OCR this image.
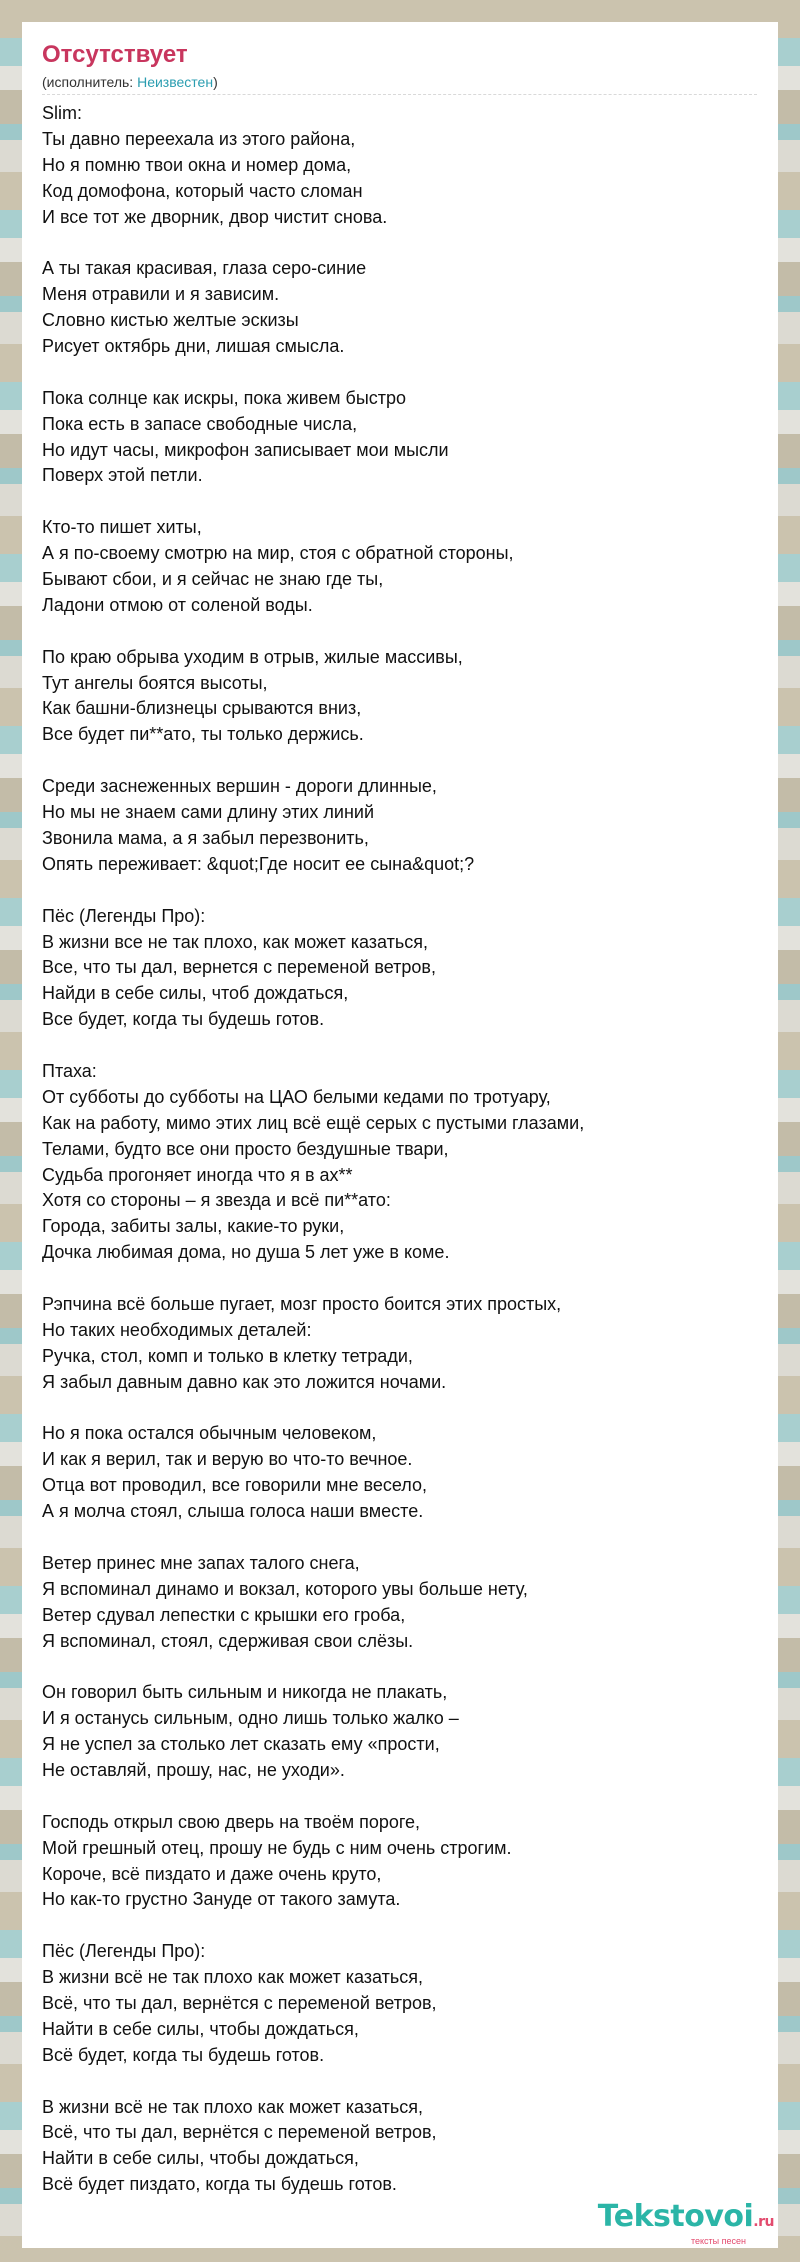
Отсутствует
(исполнитель: Неизвестен)
Slim:
Ты давно переехала из этого района,
Но я помню твои окна и номер дома,
Код домофона, который часто сломан
И все тот же дворник, двор чистит снова.
А ты такая красивая, глаза серо-синие
Меня отравили и я зависим.
Словно кистью желтые эскизы
Рисует октябрь дни, лишая смысла.
Пока солнце как искры, пока живем быстро
Пока есть в запасе свободные числа,
Но идут часы, микрофон записывает мои мысли
Поверх этой петли.
Кто-то пишет хиты,
А я по-своему смотрю на мир, стоя с обратной стороны,
Бывают сбои, и я сейчас не знаю где ты,
Ладони отмою от соленой воды.
По краю обрыва уходим в отрыв, жилые массивы,
Тут ангелы боятся высоты,
Как башни-близнецы срываются вниз,
Все будет пи**ато, ты только держись.
Среди заснеженных вершин - дороги длинные,
Но мы не знаем сами длину этих линий
Звонила мама, а я забыл перезвонить,
Опять переживает: &quot;Где носит ее сына&quot;?
Пёс (Легенды Про):
В жизни все не так плохо, как может казаться,
Все, что ты дал, вернется с переменой ветров,
Найди в себе силы, чтоб дождаться,
Все будет, когда ты будешь готов.
Птаха:
От субботы до субботы на ЦАО белыми кедами по тротуару,
Как на работу, мимо этих лиц всё ещё серых с пустыми глазами,
Телами, будто все они просто бездушные твари,
Судьба прогоняет иногда что я в ах**
Хотя со стороны – я звезда и всё пи**ато:
Города, забиты залы, какие-то руки,
Дочка любимая дома, но душа 5 лет уже в коме.
Рэпчина всё больше пугает, мозг просто боится этих простых,
Но таких необходимых деталей:
Ручка, стол, комп и только в клетку тетради,
Я забыл давным давно как это ложится ночами.
Но я пока остался обычным человеком,
И как я верил, так и верую во что-то вечное.
Отца вот проводил, все говорили мне весело,
А я молча стоял, слыша голоса наши вместе.
Ветер принес мне запах талого снега,
Я вспоминал динамо и вокзал, которого увы больше нету,
Ветер сдувал лепестки с крышки его гроба,
Я вспоминал, стоял, сдерживая свои слёзы.
Он говорил быть сильным и никогда не плакать,
И я останусь сильным, одно лишь только жалко –
Я не успел за столько лет сказать ему «прости,
Не оставляй, прошу, нас, не уходи».
Господь открыл свою дверь на твоём пороге,
Мой грешный отец, прошу не будь с ним очень строгим.
Короче, всё пиздато и даже очень круто,
Но как-то грустно Зануде от такого замута.
Пёс (Легенды Про):
В жизни всё не так плохо как может казаться,
Всё, что ты дал, вернётся с переменой ветров,
Найти в себе силы, чтобы дождаться,
Всё будет, когда ты будешь готов.
В жизни всё не так плохо как может казаться,
Всё, что ты дал, вернётся с переменой ветров,
Найти в себе силы, чтобы дождаться,
Всё будет пиздато, когда ты будешь готов.
Tekstovoi.ru
тексты песен
